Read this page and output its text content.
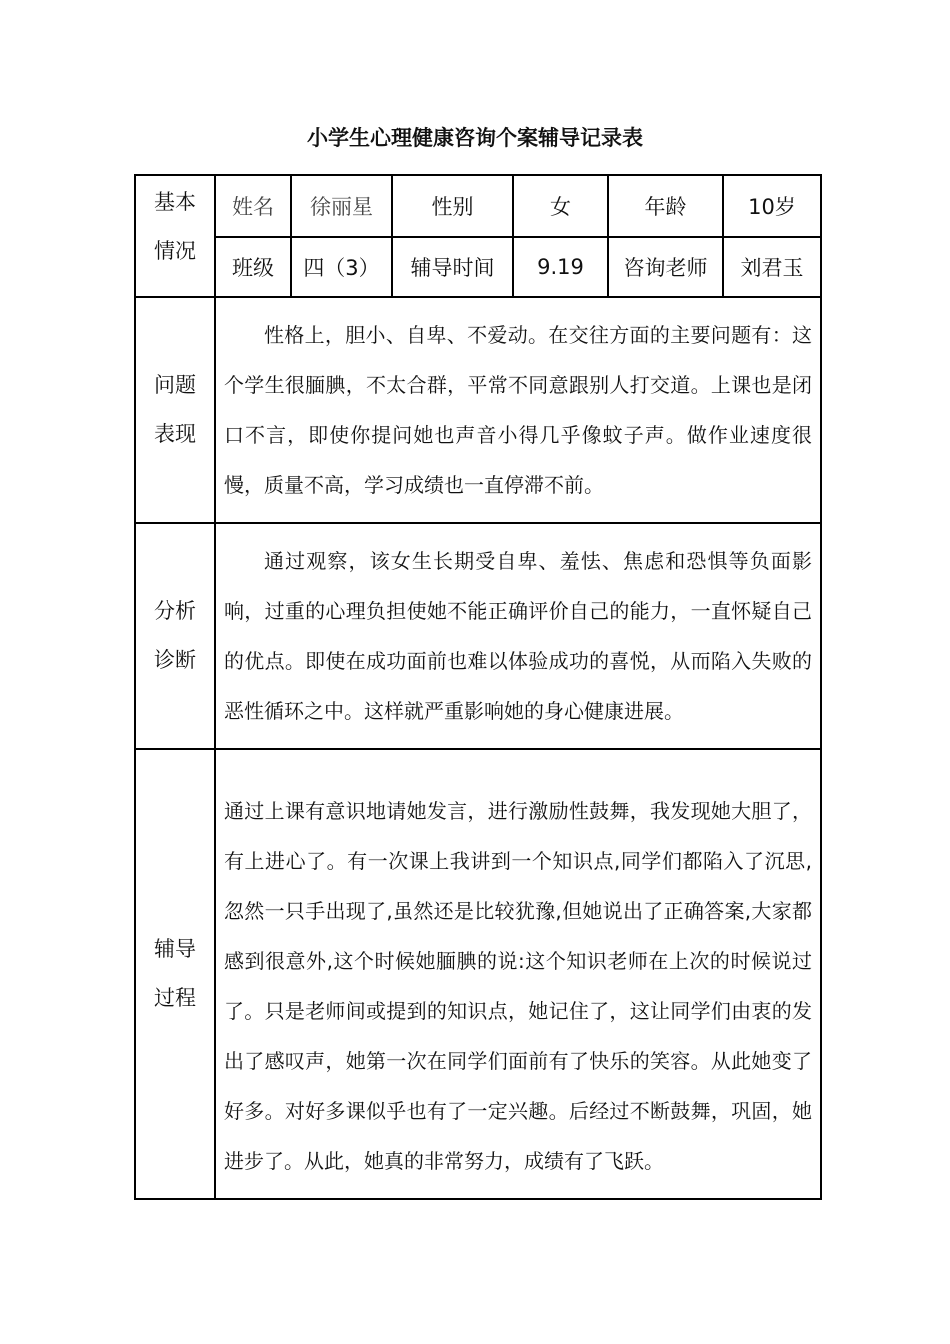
小学生心理健康咨询个案辅导记录表
基本
情况	姓名	徐丽星	性别	女	年龄	10岁
	班级	四（3）	辅导时间	9.19	咨询老师	刘君玉

问题
表现	性格上，胆小、自卑、不爱动。在交往方面的主要问题有：这个学生很腼腆，不太合群，平常不同意跟别人打交道。上课也是闭口不言，即使你提问她也声音小得几乎像蚊子声。做作业速度很慢，质量不高，学习成绩也一直停滞不前。					

分析
诊断	通过观察，该女生长期受自卑、羞怯、焦虑和恐惧等负面影响，过重的心理负担使她不能正确评价自己的能力，一直怀疑自己的优点。即使在成功面前也难以体验成功的喜悦，从而陷入失败的恶性循环之中。这样就严重影响她的身心健康进展。					

辅导
过程	通过上课有意识地请她发言，进行激励性鼓舞，我发现她大胆了，有上进心了。有一次课上我讲到一个知识点,同学们都陷入了沉思,忽然一只手出现了,虽然还是比较犹豫,但她说出了正确答案,大家都感到很意外,这个时候她腼腆的说:这个知识老师在上次的时候说过了。只是老师间或提到的知识点，她记住了，这让同学们由衷的发出了感叹声，她第一次在同学们面前有了快乐的笑容。从此她变了好多。对好多课似乎也有了一定兴趣。后经过不断鼓舞，巩固，她进步了。从此，她真的非常努力，成绩有了飞跃。					
